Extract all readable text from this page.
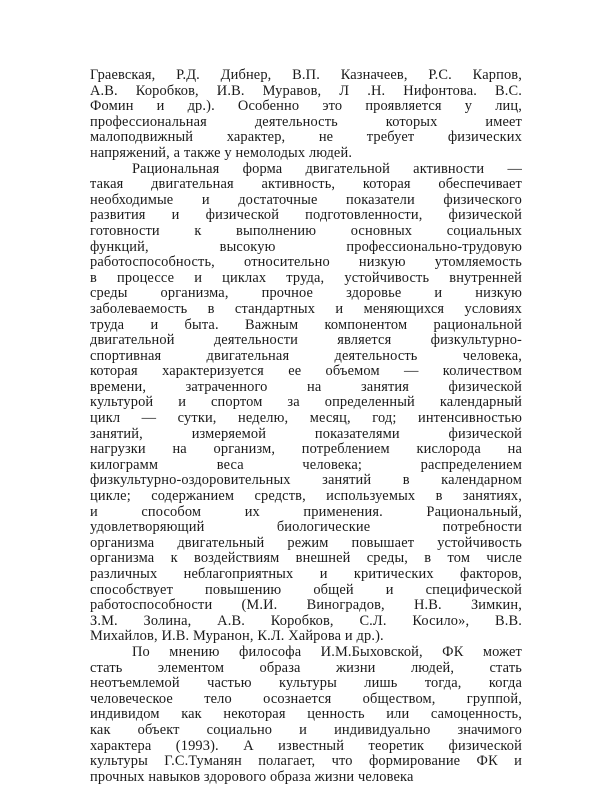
Граевская, Р.Д. Дибнер, В.П. Казначеев, Р.С. Карпов,
А.В. Коробков, И.В. Муравов, Л .Н. Нифонтова. В.С.
Фомин и др.). Особенно это проявляется у лиц,
профессиональная деятельность которых имеет
малоподвижный характер, не требует физических
напряжений, а также у немолодых людей.
Рациональная форма двигательной активности —
такая двигательная активность, которая обеспечивает
необходимые и достаточные показатели физического
развития и физической подготовленности, физической
готовности к выполнению основных социальных
функций, высокую профессионально-трудовую
работоспособность, относительно низкую утомляемость
в процессе и циклах труда, устойчивость внутренней
среды организма, прочное здоровье и низкую
заболеваемость в стандартных и меняющихся условиях
труда и быта. Важным компонентом рациональной
двигательной деятельности является физкультурно-
спортивная двигательная деятельность человека,
которая характеризуется ее объемом — количеством
времени, затраченного на занятия физической
культурой и спортом за определенный календарный
цикл — сутки, неделю, месяц, год; интенсивностью
занятий, измеряемой показателями физической
нагрузки на организм, потреблением кислорода на
килограмм веса человека; распределением
физкультурно-оздоровительных занятий в календарном
цикле; содержанием средств, используемых в занятиях,
и способом их применения. Рациональный,
удовлетворяющий биологические потребности
организма двигательный режим повышает устойчивость
организма к воздействиям внешней среды, в том числе
различных неблагоприятных и критических факторов,
способствует повышению общей и специфической
работоспособности (М.И. Виноградов, Н.В. Зимкин,
З.М. Золина, А.В. Коробков, С.Л. Косило», В.В.
Михайлов, И.В. Муранон, К.Л. Хайрова и др.).
По мнению философа И.М.Быховской, ФК может
стать элементом образа жизни людей, стать
неотъемлемой частью культуры лишь тогда, когда
человеческое тело осознается обществом, группой,
индивидом как некоторая ценность или самоценность,
как объект социально и индивидуально значимого
характера (1993). А известный теоретик физической
культуры Г.С.Туманян полагает, что формирование ФК и
прочных навыков здорового образа жизни человека
